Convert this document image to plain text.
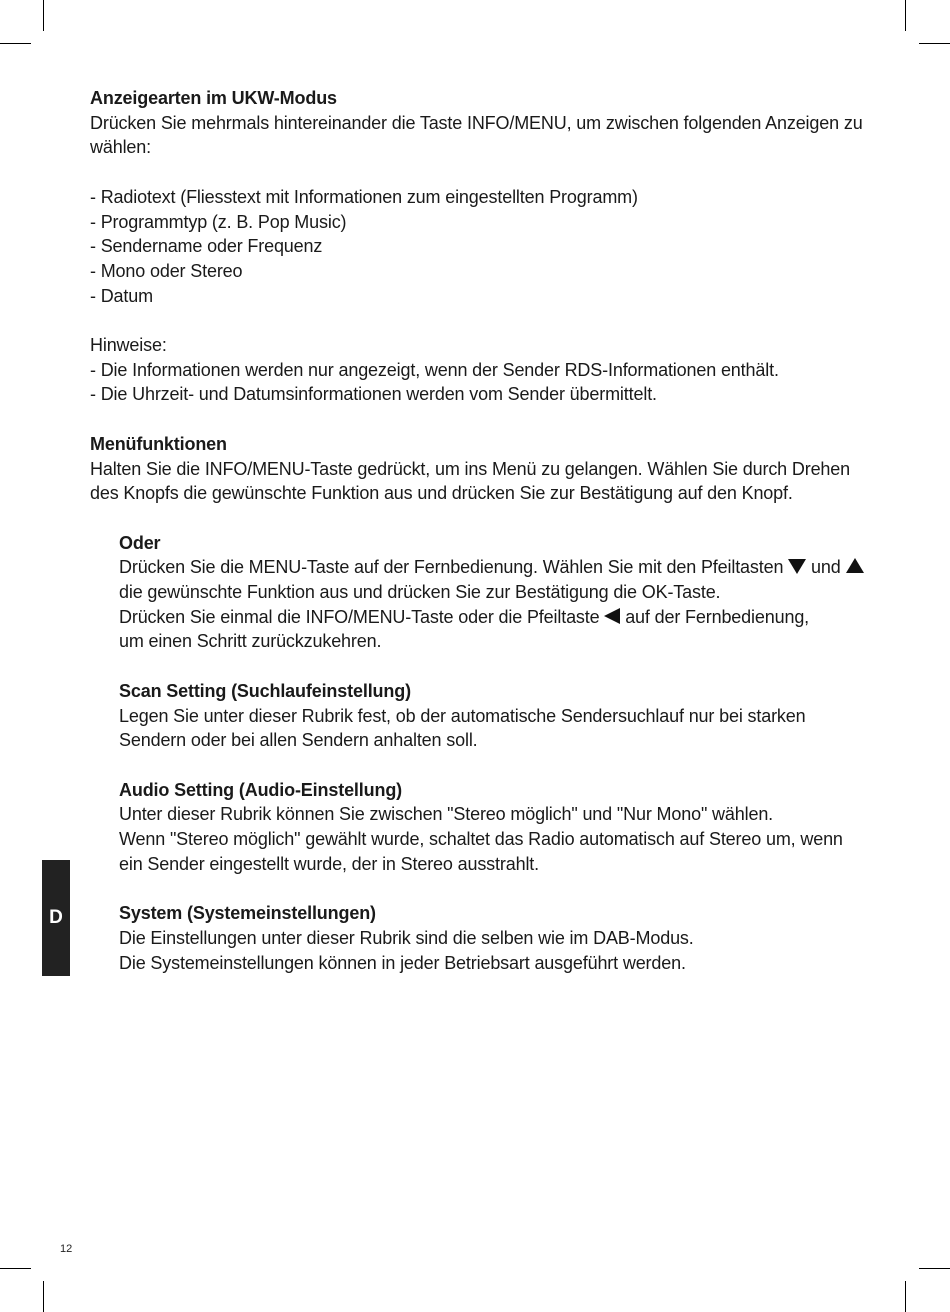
Anzeigearten im UKW-Modus

Drücken Sie mehrmals hintereinander die Taste INFO/MENU, um zwischen folgenden Anzeigen zu

wählen:

- Radiotext (Fliesstext mit Informationen zum eingestellten Programm)

- Programmtyp (z. B. Pop Music)

- Sendername oder Frequenz

- Mono oder Stereo

- Datum

Hinweise:

- Die Informationen werden nur angezeigt, wenn der Sender RDS-Informationen enthält.

- Die Uhrzeit- und Datumsinformationen werden vom Sender übermittelt.

Menüfunktionen

Halten Sie die INFO/MENU-Taste gedrückt, um ins Menü zu gelangen. Wählen Sie durch Drehen

des Knopfs die gewünschte Funktion aus und drücken Sie zur Bestätigung auf den Knopf.

Oder

Drücken Sie die MENU-Taste auf der Fernbedienung. Wählen Sie mit den Pfeiltasten  und

die gewünschte Funktion aus und drücken Sie zur Bestätigung die OK-Taste.

Drücken Sie einmal die INFO/MENU-Taste oder die Pfeiltaste  auf der Fernbedienung,

um einen Schritt zurückzukehren.

Scan Setting (Suchlaufeinstellung)

Legen Sie unter dieser Rubrik fest, ob der automatische Sendersuchlauf nur bei starken

Sendern oder bei allen Sendern anhalten soll.

Audio Setting (Audio-Einstellung)

Unter dieser Rubrik können Sie zwischen "Stereo möglich" und "Nur Mono" wählen.

Wenn "Stereo möglich" gewählt wurde, schaltet das Radio automatisch auf Stereo um, wenn

ein Sender eingestellt wurde, der in Stereo ausstrahlt.

System (Systemeinstellungen)

Die Einstellungen unter dieser Rubrik sind die selben wie im DAB-Modus.

Die Systemeinstellungen können in jeder Betriebsart ausgeführt werden.

D
12
